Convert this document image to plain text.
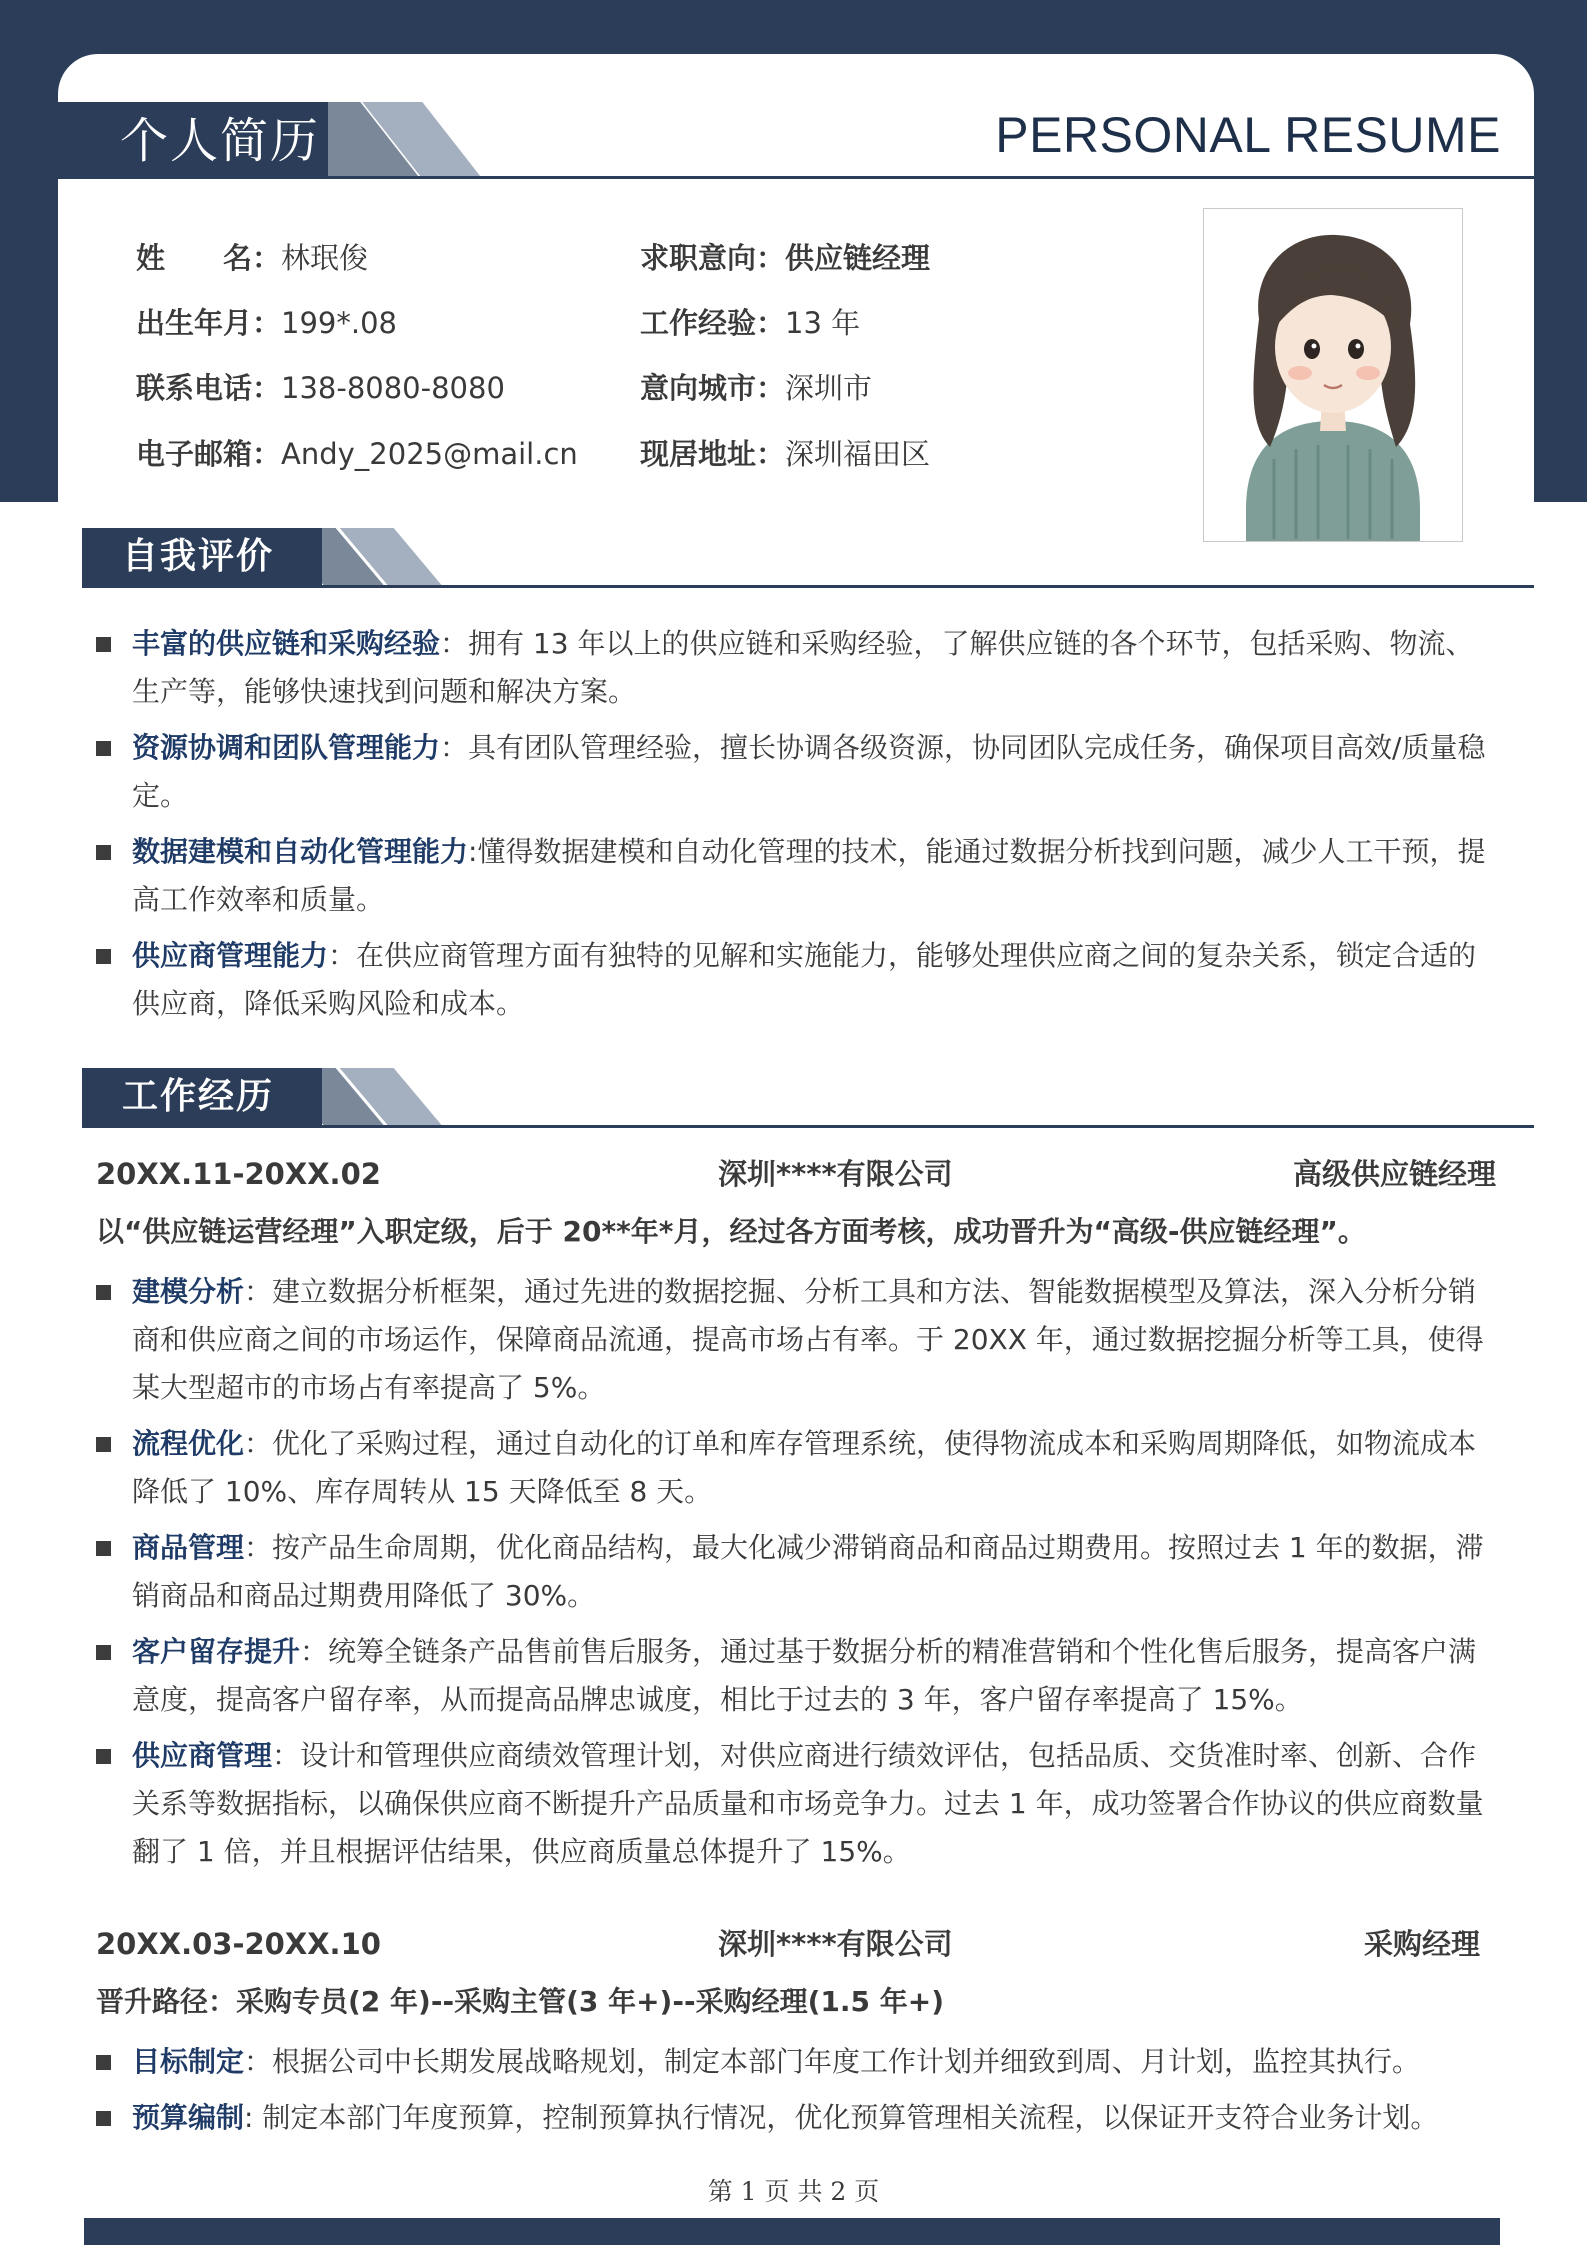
个人简历	PERSONAL RESUME
姓　　名：林珉俊
出生年月：199*.08
联系电话：138-8080-8080
电子邮箱：Andy_2025@mail.cn
求职意向：供应链经理
工作经验：13 年
意向城市：深圳市
现居地址：深圳福田区
自我评价
丰富的供应链和采购经验：拥有 13 年以上的供应链和采购经验，了解供应链的各个环节，包括采购、物流、生产等，能够快速找到问题和解决方案。
资源协调和团队管理能力：具有团队管理经验，擅长协调各级资源，协同团队完成任务，确保项目高效/质量稳定。
数据建模和自动化管理能力:懂得数据建模和自动化管理的技术，能通过数据分析找到问题，减少人工干预，提高工作效率和质量。
供应商管理能力：在供应商管理方面有独特的见解和实施能力，能够处理供应商之间的复杂关系，锁定合适的供应商，降低采购风险和成本。
工作经历
20XX.11-20XX.02	深圳****有限公司	高级供应链经理
以“供应链运营经理”入职定级，后于 20**年*月，经过各方面考核，成功晋升为“高级-供应链经理”。
建模分析：建立数据分析框架，通过先进的数据挖掘、分析工具和方法、智能数据模型及算法，深入分析分销商和供应商之间的市场运作，保障商品流通，提高市场占有率。于 20XX 年，通过数据挖掘分析等工具，使得某大型超市的市场占有率提高了 5%。
流程优化：优化了采购过程，通过自动化的订单和库存管理系统，使得物流成本和采购周期降低，如物流成本降低了 10%、库存周转从 15 天降低至 8 天。
商品管理：按产品生命周期，优化商品结构，最大化减少滞销商品和商品过期费用。按照过去 1 年的数据，滞销商品和商品过期费用降低了 30%。
客户留存提升：统筹全链条产品售前售后服务，通过基于数据分析的精准营销和个性化售后服务，提高客户满意度，提高客户留存率，从而提高品牌忠诚度，相比于过去的 3 年，客户留存率提高了 15%。
供应商管理：设计和管理供应商绩效管理计划，对供应商进行绩效评估，包括品质、交货准时率、创新、合作关系等数据指标，以确保供应商不断提升产品质量和市场竞争力。过去 1 年，成功签署合作协议的供应商数量翻了 1 倍，并且根据评估结果，供应商质量总体提升了 15%。
20XX.03-20XX.10	深圳****有限公司	采购经理
晋升路径：采购专员(2 年)--采购主管(3 年+)--采购经理(1.5 年+)
目标制定：根据公司中长期发展战略规划，制定本部门年度工作计划并细致到周、月计划，监控其执行。
预算编制: 制定本部门年度预算，控制预算执行情况，优化预算管理相关流程，以保证开支符合业务计划。
第 1 页 共 2 页
